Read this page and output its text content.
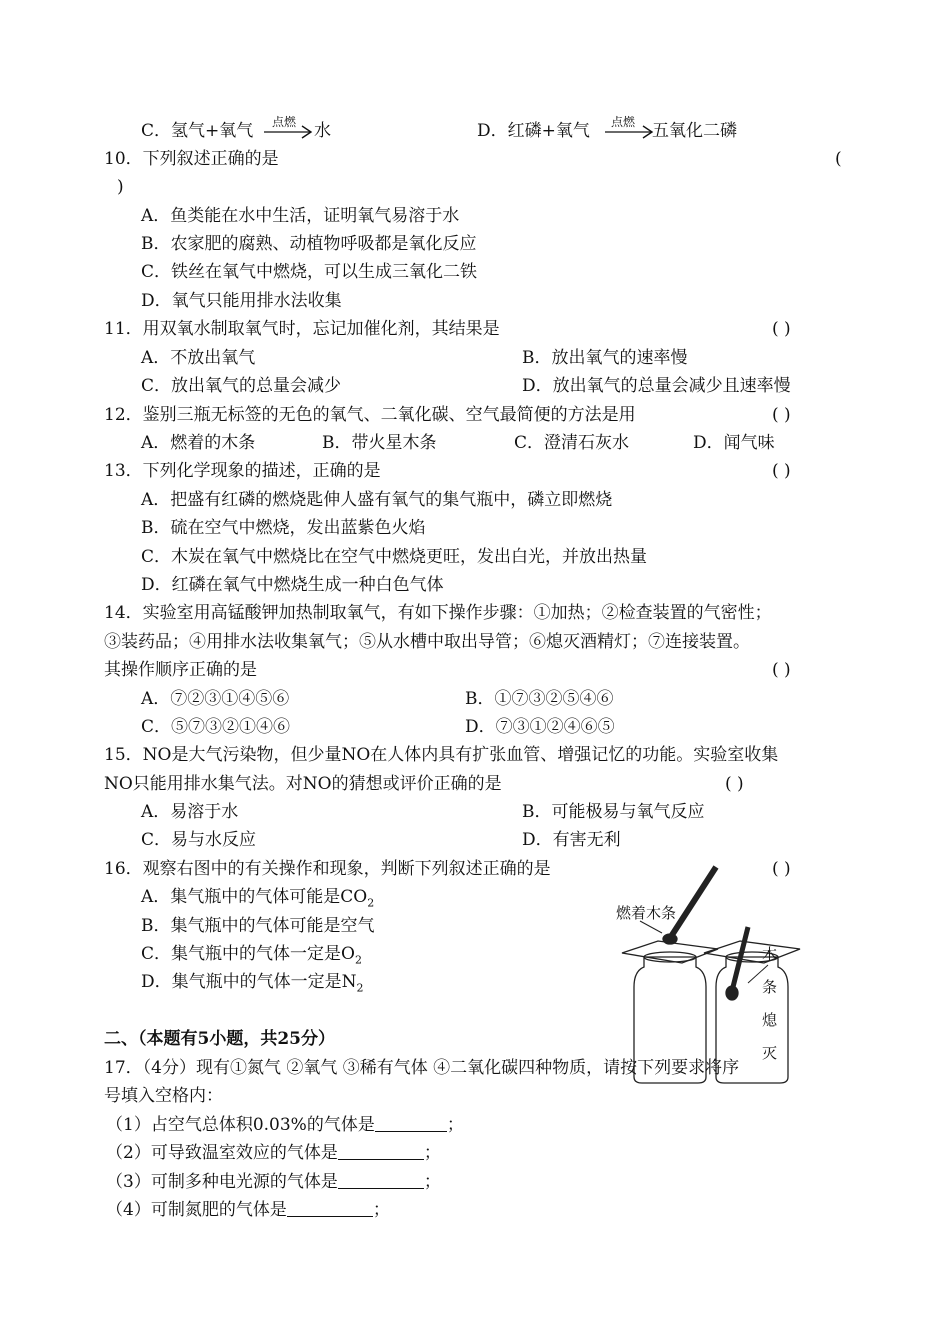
C．氢气+氧气 点燃 水	D．红磷+氧气 点燃 五氧化二磷
10．下列叙述正确的是	(
)
A．鱼类能在水中生活，证明氧气易溶于水
B．农家肥的腐熟、动植物呼吸都是氧化反应
C．铁丝在氧气中燃烧，可以生成三氧化二铁
D．氧气只能用排水法收集
11．用双氧水制取氧气时，忘记加催化剂，其结果是	( )
A．不放出氧气	B．放出氧气的速率慢
C．放出氧气的总量会减少	D．放出氧气的总量会减少且速率慢
12．鉴别三瓶无标签的无色的氧气、二氧化碳、空气最简便的方法是用	( )
A．燃着的木条	B．带火星木条	C．澄清石灰水	D．闻气味
13．下列化学现象的描述，正确的是	( )
A．把盛有红磷的燃烧匙伸人盛有氧气的集气瓶中，磷立即燃烧
B．硫在空气中燃烧，发出蓝紫色火焰
C．木炭在氧气中燃烧比在空气中燃烧更旺，发出白光，并放出热量
D．红磷在氧气中燃烧生成一种白色气体
14．实验室用高锰酸钾加热制取氧气，有如下操作步骤：①加热；②检查装置的气密性；
③装药品；④用排水法收集氧气；⑤从水槽中取出导管；⑥熄灭酒精灯；⑦连接装置。
其操作顺序正确的是	( )
A．⑦②③①④⑤⑥	B．①⑦③②⑤④⑥
C．⑤⑦③②①④⑥	D．⑦③①②④⑥⑤
15．NO是大气污染物，但少量NO在人体内具有扩张血管、增强记忆的功能。实验室收集
NO只能用排水集气法。对NO的猜想或评价正确的是	( )
A．易溶于水	B．可能极易与氧气反应
C．易与水反应	D．有害无利
16．观察右图中的有关操作和现象，判断下列叙述正确的是	( )
A．集气瓶中的气体可能是$CO_2$
B．集气瓶中的气体可能是空气
C．集气瓶中的气体一定是$O_2$
D．集气瓶中的气体一定是$N_2$
燃着木条
木
条
熄
灭
二、（本题有5小题，共25分）
17．（4分）现有①氮气 ②氧气 ③稀有气体 ④二氧化碳四种物质，请按下列要求将序
号填入空格内：
（1）占空气总体积0.03%的气体是	；
（2）可导致温室效应的气体是	；
（3）可制多种电光源的气体是	；
（4）可制氮肥的气体是	；
